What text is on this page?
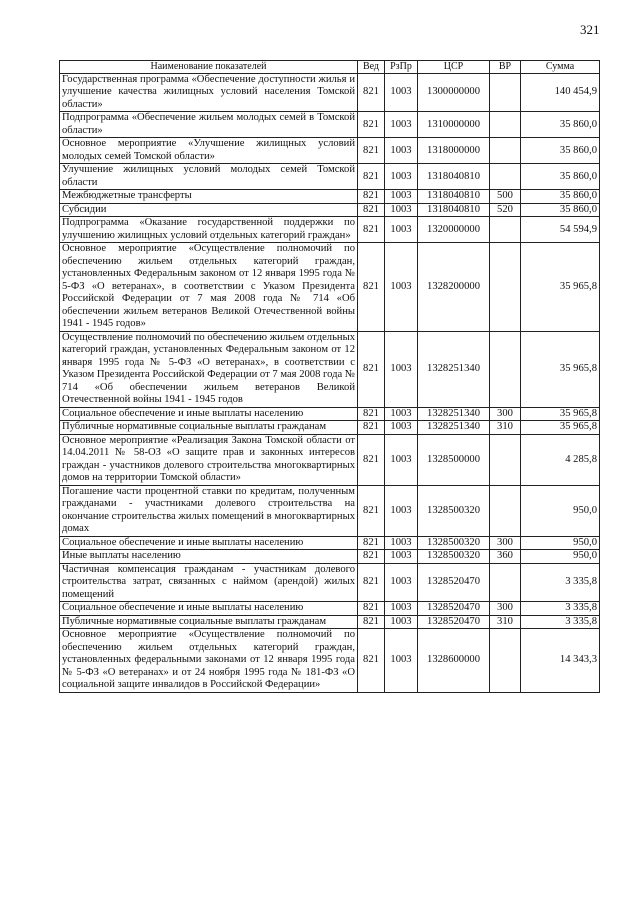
321
Наименование показателей	Вед	РзПр	ЦСР	ВР	Сумма
Государственная программа «Обеспечение доступности жилья и улучшение качества жилищных условий населения Томской области»	821	1003	1300000000		140 454,9
Подпрограмма «Обеспечение жильем молодых семей в Томской области»	821	1003	1310000000		35 860,0
Основное мероприятие «Улучшение жилищных условий молодых семей Томской области»	821	1003	1318000000		35 860,0
Улучшение жилищных условий молодых семей Томской области	821	1003	1318040810		35 860,0
Межбюджетные трансферты	821	1003	1318040810	500	35 860,0
Субсидии	821	1003	1318040810	520	35 860,0
Подпрограмма «Оказание государственной поддержки по улучшению жилищных условий отдельных категорий граждан»	821	1003	1320000000		54 594,9
Основное мероприятие «Осуществление полномочий по обеспечению жильем отдельных категорий граждан, установленных Федеральным законом от 12 января 1995 года № 5-ФЗ «О ветеранах», в соответствии с Указом Президента Российской Федерации от 7 мая 2008 года № 714 «Об обеспечении жильем ветеранов Великой Отечественной войны 1941 - 1945 годов»	821	1003	1328200000		35 965,8
Осуществление полномочий по обеспечению жильем отдельных категорий граждан, установленных Федеральным законом от 12 января 1995 года № 5-ФЗ «О ветеранах», в соответствии с Указом Президента Российской Федерации от 7 мая 2008 года № 714 «Об обеспечении жильем ветеранов Великой Отечественной войны 1941 - 1945 годов	821	1003	1328251340		35 965,8
Социальное обеспечение и иные выплаты населению	821	1003	1328251340	300	35 965,8
Публичные нормативные социальные выплаты гражданам	821	1003	1328251340	310	35 965,8
Основное мероприятие «Реализация Закона Томской области от 14.04.2011 № 58-ОЗ «О защите прав и законных интересов граждан - участников долевого строительства многоквартирных домов на территории Томской области»	821	1003	1328500000		4 285,8
Погашение части процентной ставки по кредитам, полученным гражданами - участниками долевого строительства на окончание строительства жилых помещений в многоквартирных домах	821	1003	1328500320		950,0
Социальное обеспечение и иные выплаты населению	821	1003	1328500320	300	950,0
Иные выплаты населению	821	1003	1328500320	360	950,0
Частичная компенсация гражданам - участникам долевого строительства затрат, связанных с наймом (арендой) жилых помещений	821	1003	1328520470		3 335,8
Социальное обеспечение и иные выплаты населению	821	1003	1328520470	300	3 335,8
Публичные нормативные социальные выплаты гражданам	821	1003	1328520470	310	3 335,8
Основное мероприятие «Осуществление полномочий по обеспечению жильем отдельных категорий граждан, установленных федеральными законами от 12 января 1995 года № 5-ФЗ «О ветеранах» и от 24 ноября 1995 года № 181-ФЗ «О социальной защите инвалидов в Российской Федерации»	821	1003	1328600000		14 343,3
